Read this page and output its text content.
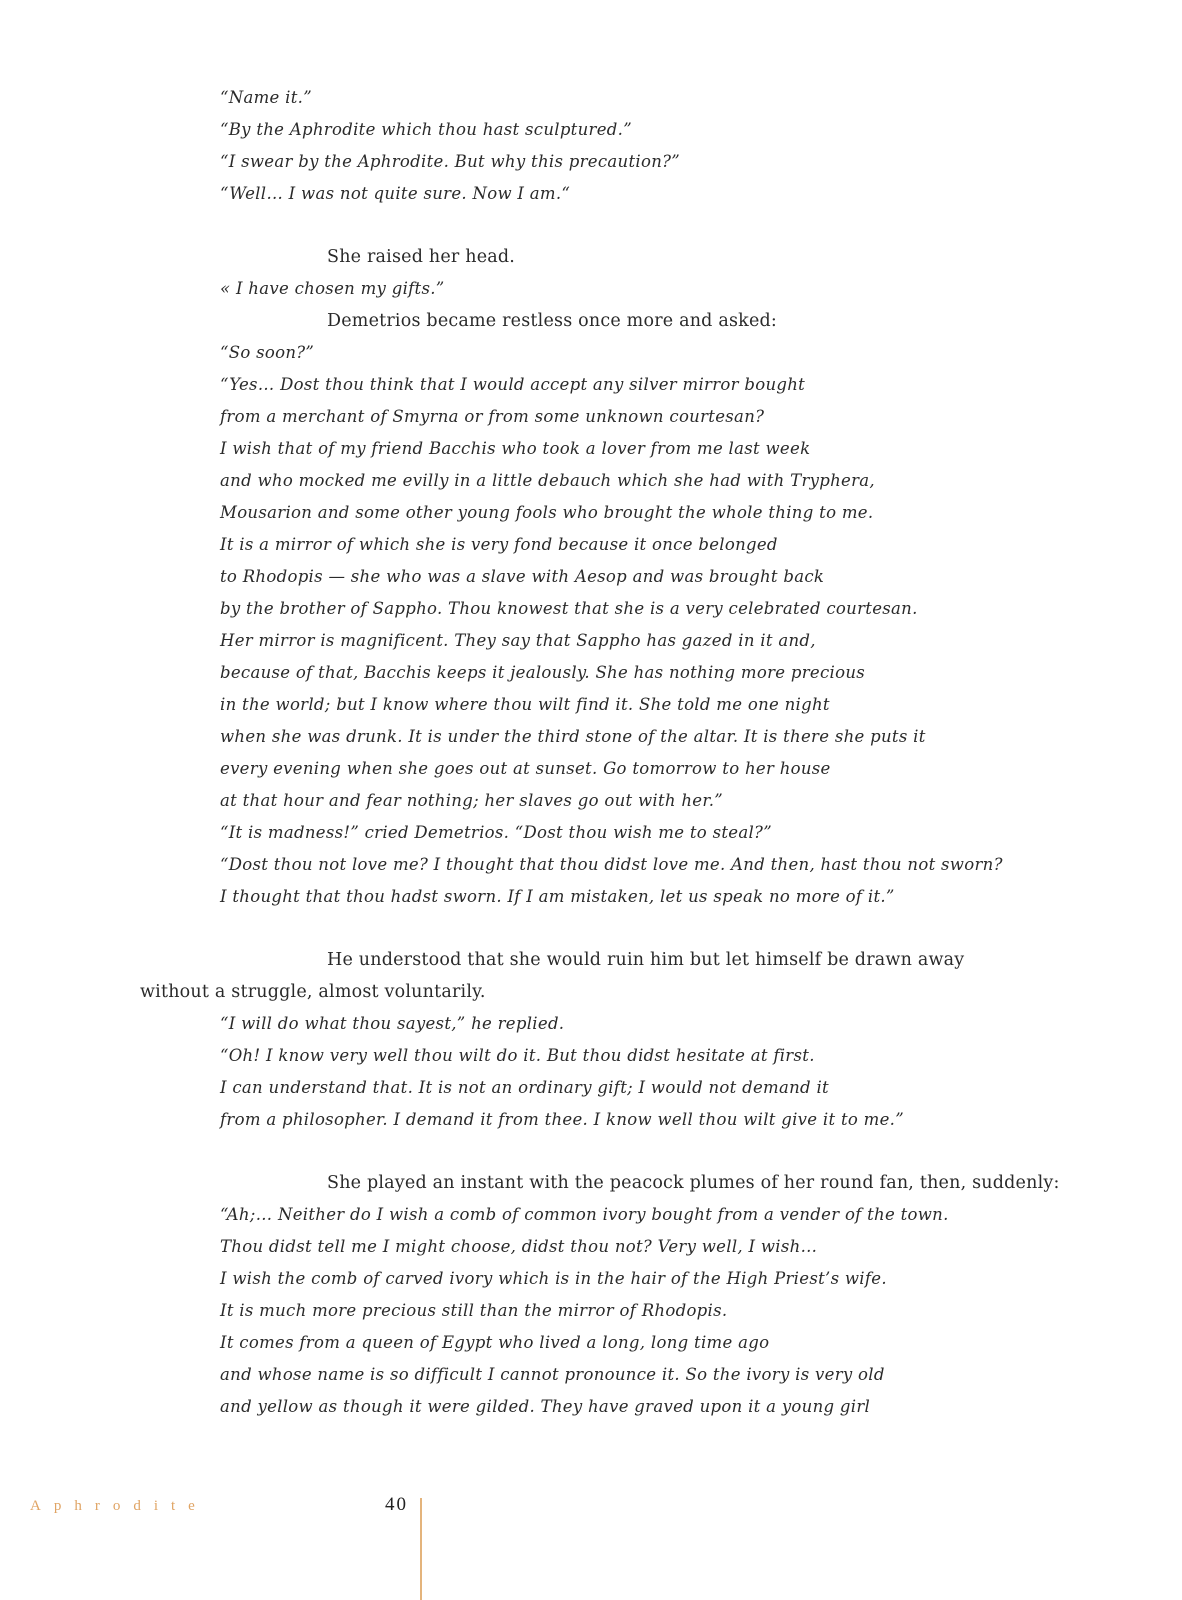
“Name it.”

“By the Aphrodite which thou hast sculptured.”

“I swear by the Aphrodite. But why this precaution?”

“Well… I was not quite sure. Now I am.“

She raised her head.

« I have chosen my gifts.”

Demetrios became restless once more and asked:

“So soon?”

“Yes… Dost thou think that I would accept any silver mirror bought

from a merchant of Smyrna or from some unknown courtesan?

I wish that of my friend Bacchis who took a lover from me last week

and who mocked me evilly in a little debauch which she had with Tryphera,

Mousarion and some other young fools who brought the whole thing to me.

It is a mirror of which she is very fond because it once belonged

to Rhodopis — she who was a slave with Aesop and was brought back

by the brother of Sappho. Thou knowest that she is a very celebrated courtesan.

Her mirror is magnificent. They say that Sappho has gazed in it and,

because of that, Bacchis keeps it jealously. She has nothing more precious

in the world; but I know where thou wilt find it. She told me one night

when she was drunk. It is under the third stone of the altar. It is there she puts it

every evening when she goes out at sunset. Go tomorrow to her house

at that hour and fear nothing; her slaves go out with her.”

“It is madness!” cried Demetrios. “Dost thou wish me to steal?”

“Dost thou not love me? I thought that thou didst love me. And then, hast thou not sworn?

I thought that thou hadst sworn. If I am mistaken, let us speak no more of it.”

He understood that she would ruin him but let himself be drawn away

without a struggle, almost voluntarily.

“I will do what thou sayest,” he replied.

“Oh! I know very well thou wilt do it. But thou didst hesitate at first.

I can understand that. It is not an ordinary gift; I would not demand it

from a philosopher. I demand it from thee. I know well thou wilt give it to me.”

She played an instant with the peacock plumes of her round fan, then, suddenly:

“Ah;… Neither do I wish a comb of common ivory bought from a vender of the town.

Thou didst tell me I might choose, didst thou not? Very well, I wish…

I wish the comb of carved ivory which is in the hair of the High Priest’s wife.

It is much more precious still than the mirror of Rhodopis.

It comes from a queen of Egypt who lived a long, long time ago

and whose name is so difficult I cannot pronounce it. So the ivory is very old

and yellow as though it were gilded. They have graved upon it a young girl

Aphrodite	40
